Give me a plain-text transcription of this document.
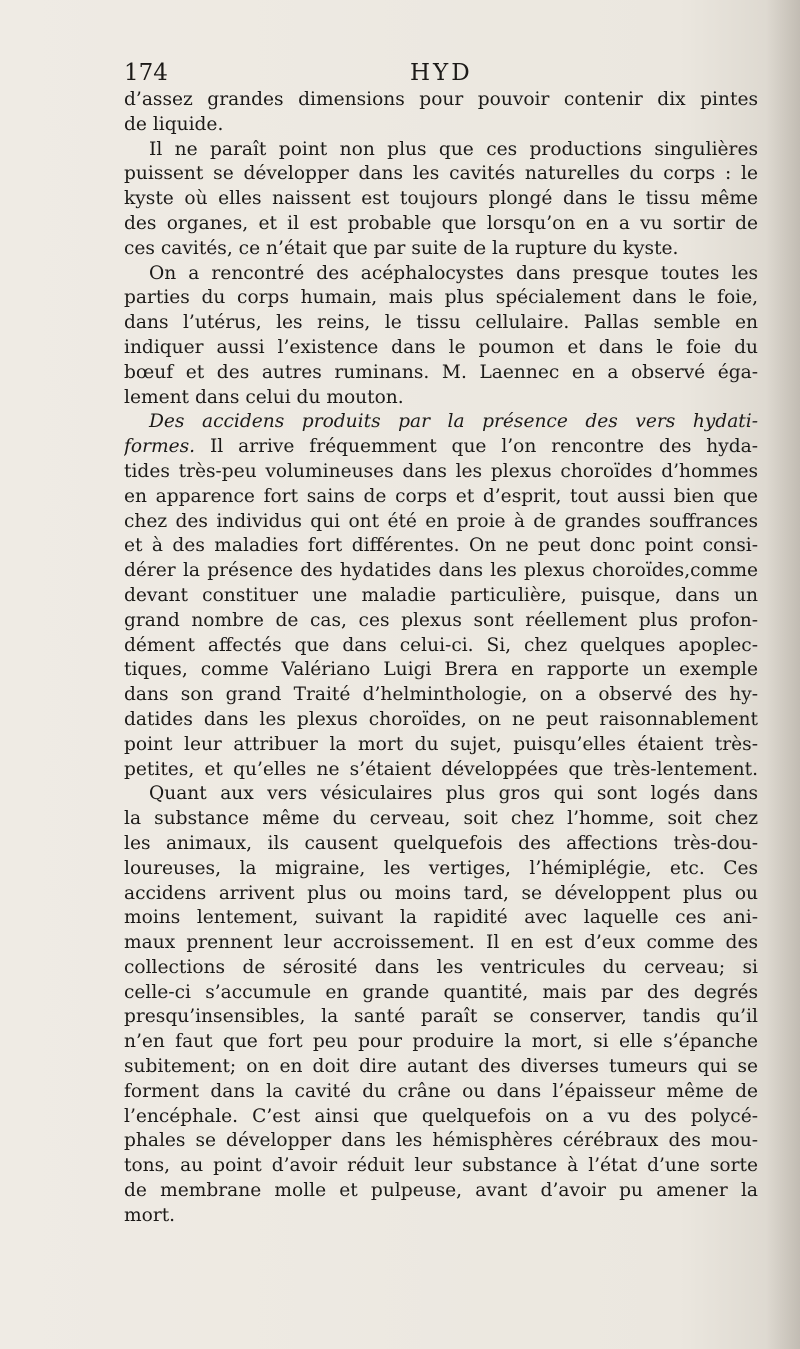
174	HYD
d’assez grandes dimensions pour pouvoir contenir dix pintes
de liquide.
Il ne paraît point non plus que ces productions singulières
puissent se développer dans les cavités naturelles du corps : le
kyste où elles naissent est toujours plongé dans le tissu même
des organes, et il est probable que lorsqu’on en a vu sortir de
ces cavités, ce n’était que par suite de la rupture du kyste.
On a rencontré des acéphalocystes dans presque toutes les
parties du corps humain, mais plus spécialement dans le foie,
dans l’utérus, les reins, le tissu cellulaire. Pallas semble en
indiquer aussi l’existence dans le poumon et dans le foie du
bœuf et des autres ruminans. M. Laennec en a observé éga-
lement dans celui du mouton.
Des accidens produits par la présence des vers hydati-
formes. Il arrive fréquemment que l’on rencontre des hyda-
tides très-peu volumineuses dans les plexus choroïdes d’hommes
en apparence fort sains de corps et d’esprit, tout aussi bien que
chez des individus qui ont été en proie à de grandes souffrances
et à des maladies fort différentes. On ne peut donc point consi-
dérer la présence des hydatides dans les plexus choroïdes,comme
devant constituer une maladie particulière, puisque, dans un
grand nombre de cas, ces plexus sont réellement plus profon-
dément affectés que dans celui-ci. Si, chez quelques apoplec-
tiques, comme Valériano Luigi Brera en rapporte un exemple
dans son grand Traité d’helminthologie, on a observé des hy-
datides dans les plexus choroïdes, on ne peut raisonnablement
point leur attribuer la mort du sujet, puisqu’elles étaient très-
petites, et qu’elles ne s’étaient développées que très-lentement.
Quant aux vers vésiculaires plus gros qui sont logés dans
la substance même du cerveau, soit chez l’homme, soit chez
les animaux, ils causent quelquefois des affections très-dou-
loureuses, la migraine, les vertiges, l’hémiplégie, etc. Ces
accidens arrivent plus ou moins tard, se développent plus ou
moins lentement, suivant la rapidité avec laquelle ces ani-
maux prennent leur accroissement. Il en est d’eux comme des
collections de sérosité dans les ventricules du cerveau; si
celle-ci s’accumule en grande quantité, mais par des degrés
presqu’insensibles, la santé paraît se conserver, tandis qu’il
n’en faut que fort peu pour produire la mort, si elle s’épanche
subitement; on en doit dire autant des diverses tumeurs qui se
forment dans la cavité du crâne ou dans l’épaisseur même de
l’encéphale. C’est ainsi que quelquefois on a vu des polycé-
phales se développer dans les hémisphères cérébraux des mou-
tons, au point d’avoir réduit leur substance à l’état d’une sorte
de membrane molle et pulpeuse, avant d’avoir pu amener la
mort.
